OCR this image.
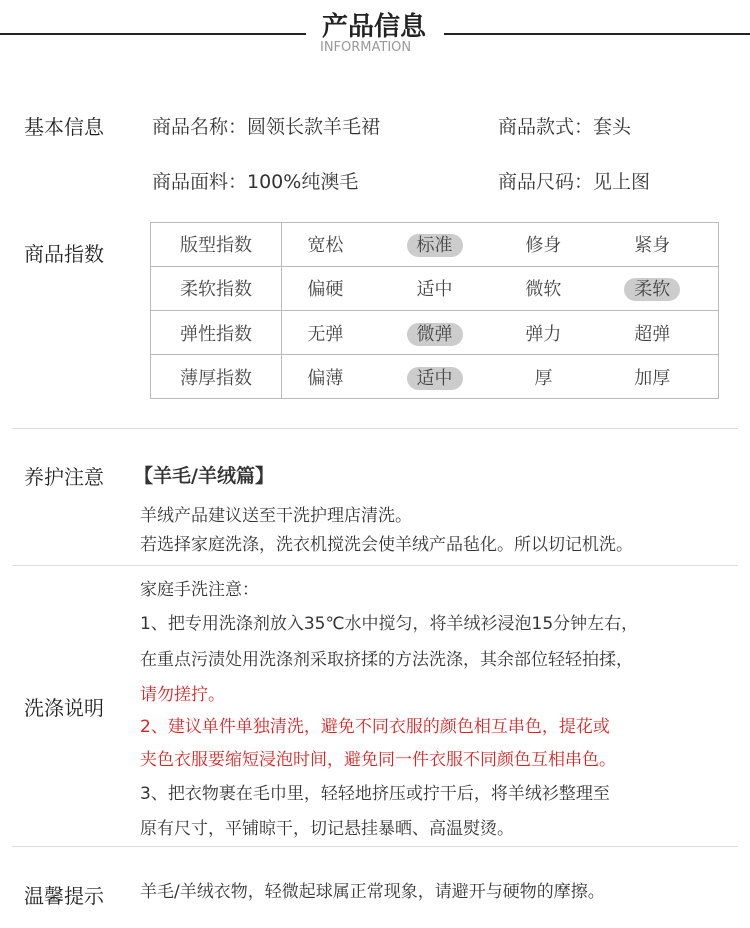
产品信息
INFORMATION
基本信息	商品名称：圆领长款羊毛裙	商品款式：套头
商品面料：100%纯澳毛	商品尺码：见上图
商品指数	版型指数	宽松	标准	修身	紧身
柔软指数	偏硬	适中	微软	柔软
弹性指数	无弹	微弹	弹力	超弹
薄厚指数	偏薄	适中	厚	加厚
养护注意 【羊毛/羊绒篇】
羊绒产品建议送至干洗护理店清洗。
若选择家庭洗涤，洗衣机搅洗会使羊绒产品毡化。所以切记机洗。
洗涤说明
家庭手洗注意：
1、把专用洗涤剂放入35℃水中搅匀，将羊绒衫浸泡15分钟左右，
在重点污渍处用洗涤剂采取挤揉的方法洗涤，其余部位轻轻拍揉，
请勿搓拧。
2、建议单件单独清洗，避免不同衣服的颜色相互串色，提花或
夹色衣服要缩短浸泡时间，避免同一件衣服不同颜色互相串色。
3、把衣物裹在毛巾里，轻轻地挤压或拧干后，将羊绒衫整理至
原有尺寸，平铺晾干，切记悬挂暴晒、高温熨烫。
温馨提示 羊毛/羊绒衣物，轻微起球属正常现象，请避开与硬物的摩擦。
